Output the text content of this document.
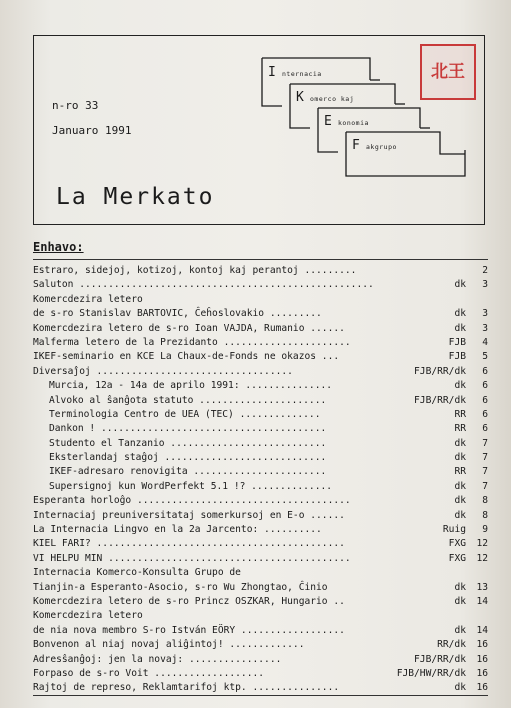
I nternacia
K omerco kaj
E konomia
F akgrupo
北王
n-ro 33
Januaro 1991
La Merkato
Enhavo:
Estraro, sidejoj, kotizoj, kontoj kaj perantoj .........	2
Saluton ...................................................	dk	3
Komercdezira letero
de s-ro Stanislav BARTOVIC, Ĉeĥoslovakio .........	dk	3
Komercdezira letero de s-ro Ioan VAJDA, Rumanio ......	dk	3
Malferma letero de la Prezidanto ......................	FJB	4
IKEF-seminario en KCE La Chaux-de-Fonds ne okazos ...	FJB	5
Diversaĵoj ..................................	FJB/RR/dk	6
Murcia, 12a - 14a de aprilo 1991: ...............	dk	6
Alvoko al ŝanĝota statuto ......................	FJB/RR/dk	6
Terminologia Centro de UEA (TEC) ..............	RR	6
Dankon ! .......................................	RR	6
Studento el Tanzanio ...........................	dk	7
Eksterlandaj staĝoj ............................	dk	7
IKEF-adresaro renovigita .......................	RR	7
Supersignoj kun WordPerfekt 5.1 !? ..............	dk	7
Esperanta horloĝo .....................................	dk	8
Internaciaj preuniversitataj somerkursoj en E-o ......	dk	8
La Internacia Lingvo en la 2a Jarcento: ..........	Ruig	9
KIEL FARI? ...........................................	FXG 12
VI HELPU MIN ..........................................	FXG 12
Internacia Komerco-Konsulta Grupo de
Tianjin-a Esperanto-Asocio, s-ro Wu Zhongtao, Ĉinio	dk 13
Komercdezira letero de s-ro Princz OSZKAR, Hungario ..	dk 14
Komercdezira letero
de nia nova membro S-ro István EÖRY ..................	dk 14
Bonvenon al niaj novaj aliĝintoj! .............	RR/dk 16
Adresŝanĝoj: jen la novaj: ................	FJB/RR/dk 16
Forpaso de s-ro Voit ...................	FJB/HW/RR/dk 16
Rajtoj de represo, Reklamtarifoj ktp. ...............	dk 16
